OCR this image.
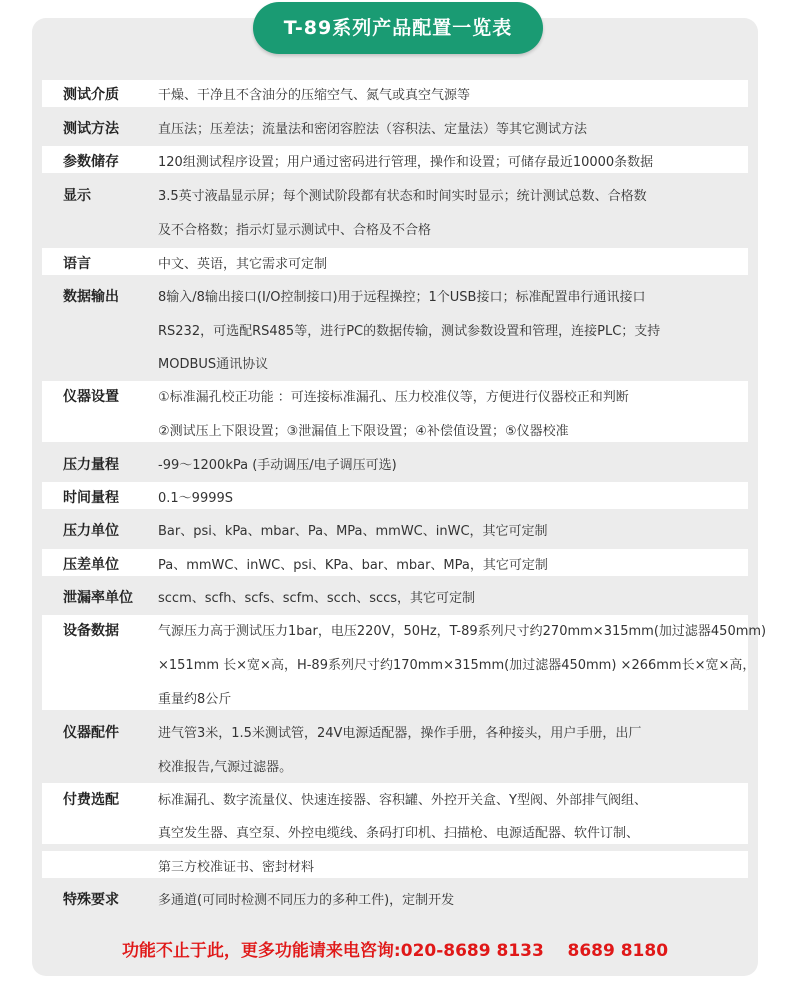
T-89系列产品配置一览表
测试介质	干燥、干净且不含油分的压缩空气、氮气或真空气源等
测试方法	直压法；压差法；流量法和密闭容腔法（容积法、定量法）等其它测试方法
参数储存	120组测试程序设置；用户通过密码进行管理，操作和设置；可储存最近10000条数据
显示	3.5英寸液晶显示屏；每个测试阶段都有状态和时间实时显示；统计测试总数、合格数
及不合格数；指示灯显示测试中、合格及不合格
语言	中文、英语，其它需求可定制
数据输出	8输入/8输出接口(I/O控制接口)用于远程操控；1个USB接口；标准配置串行通讯接口
RS232，可选配RS485等，进行PC的数据传输，测试参数设置和管理，连接PLC；支持
MODBUS通讯协议
仪器设置	①标准漏孔校正功能 ：可连接标准漏孔、压力校准仪等，方便进行仪器校正和判断
②测试压上下限设置；③泄漏值上下限设置；④补偿值设置；⑤仪器校准
压力量程	-99～1200kPa (手动调压/电子调压可选)
时间量程	0.1～9999S
压力单位	Bar、psi、kPa、mbar、Pa、MPa、mmWC、inWC，其它可定制
压差单位	Pa、mmWC、inWC、psi、KPa、bar、mbar、MPa，其它可定制
泄漏率单位 sccm、scfh、scfs、scfm、scch、sccs，其它可定制
设备数据	气源压力高于测试压力1bar，电压220V，50Hz，T-89系列尺寸约270mm×315mm(加过滤器450mm)
×151mm 长×宽×高，H-89系列尺寸约170mm×315mm(加过滤器450mm) ×266mm长×宽×高，
重量约8公斤
仪器配件	进气管3米，1.5米测试管，24V电源适配器，操作手册，各种接头，用户手册，出厂
校准报告,气源过滤器。
付费选配	标准漏孔、数字流量仪、快速连接器、容积罐、外控开关盒、Y型阀、外部排气阀组、
真空发生器、真空泵、外控电缆线、条码打印机、扫描枪、电源适配器、软件订制、
第三方校准证书、密封材料
特殊要求	多通道(可同时检测不同压力的多种工件)，定制开发
功能不止于此，更多功能请来电咨询:020-8689 8133    8689 8180
